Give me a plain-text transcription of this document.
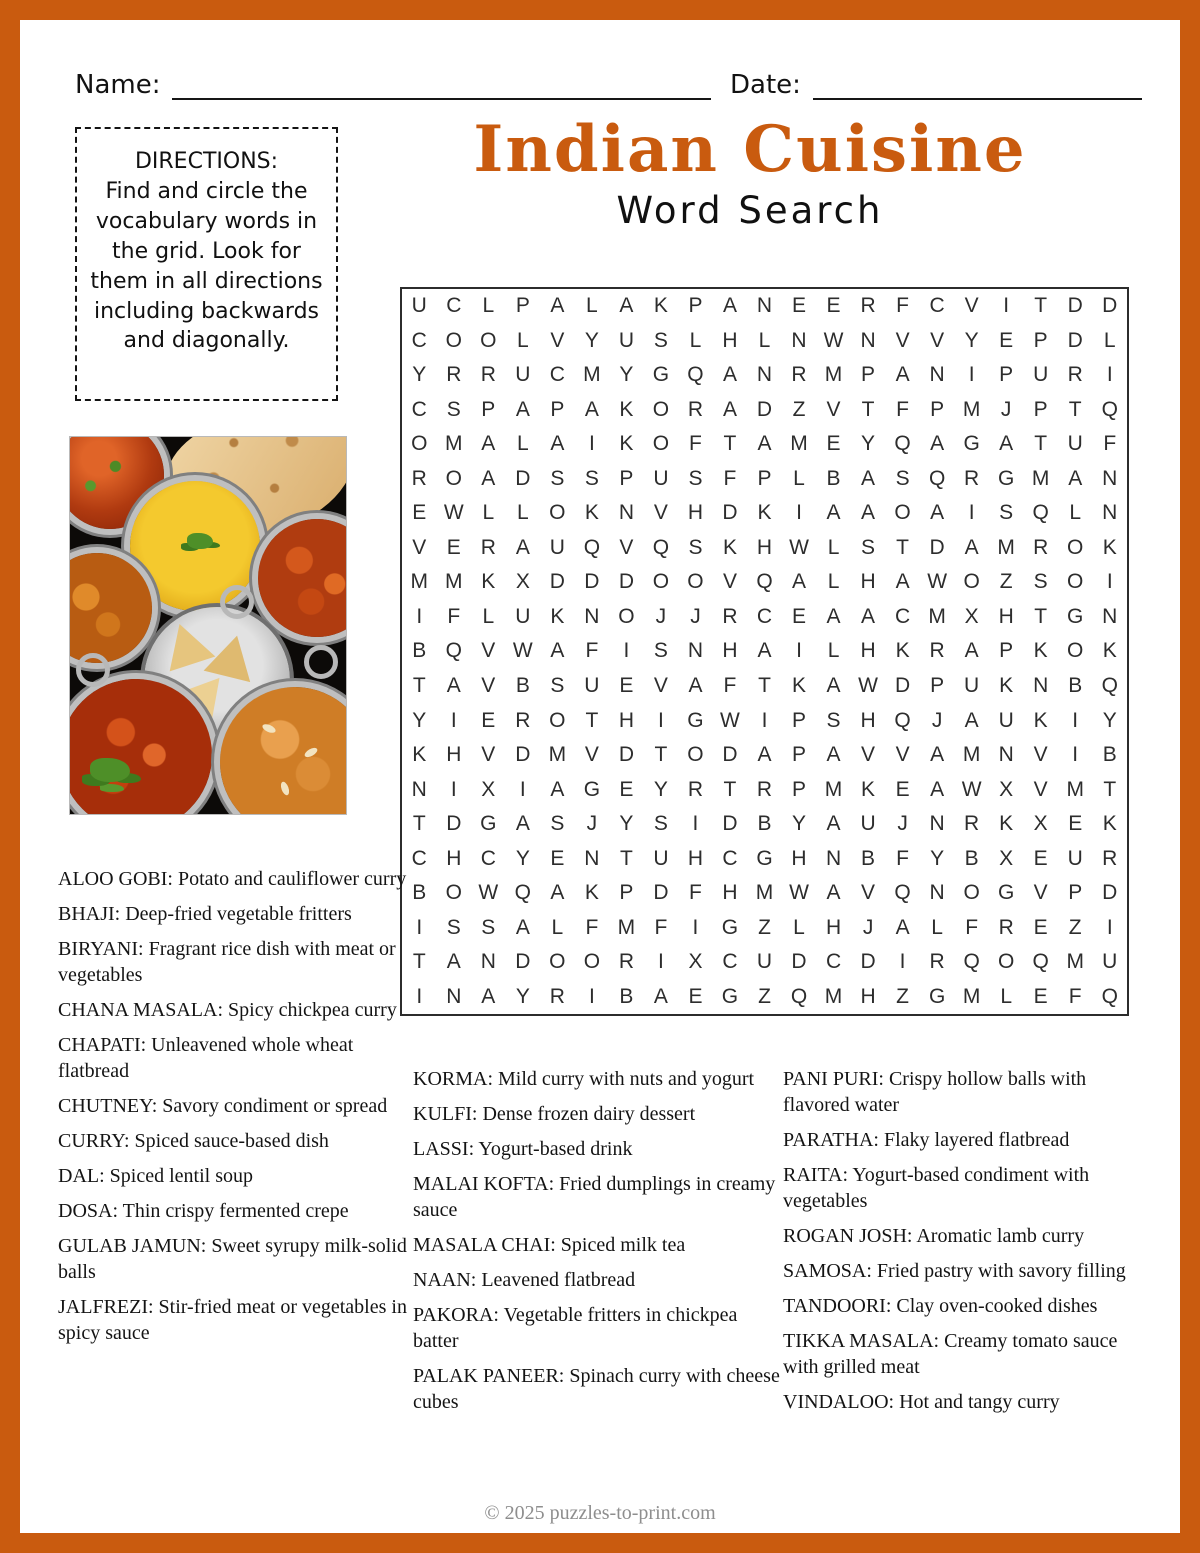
Name:	Date:
DIRECTIONS:
Find and circle the vocabulary words in the grid. Look for them in all directions including backwards and diagonally.
Indian Cuisine
Word Search
U C	L	P A	L	A K P A N E E R F C V	I	T D D
C O O L	V Y U S	L	H	L	N W N V V Y E P D	L
Y R R U C M Y G Q A N R M P A N	I	P U R	I
C S P A P A K O R A D Z	V	T	F	P M J	P	T Q
O M A	L	A	I	K O F	T	A M E Y Q A G A	T U F
R O A D S S P U S	F	P	L	B A S Q R G M A N
E W L	L O K N V H D K	I	A A O A	I	S Q L	N
V E R A U Q V Q S K H W L	S	T D A M R O K
M M K X D D D O O V Q A	L	H A W O Z	S O	I
I	F	L	U K N O	J	J	R C E A A C M X H T G N
B Q V W A	F	I	S N H A	I	L	H K R A P K O K
T	A V B S U E V A	F	T	K A W D P U K N B Q
Y	I	E R O T H	I	G W	I	P S H Q	J	A U K	I	Y
K H V D M V D T O D A P A V V A M N V	I	B
N	I	X	I	A G E Y R T R P M K E A W X V M T
T D G A S	J	Y S	I	D B Y A U	J	N R K X E K
C H C Y E N T U H C G H N B	F	Y B X E U R
B O W Q A K P D F H M W A V Q N O G V P D
I	S S A	L	F M F	I	G Z	L	H	J	A	L	F R E	Z	I
T	A N D O O R	I	X C U D C D	I	R Q O Q M U
I	N A Y R	I	B A E G Z Q M H Z G M L	E	F Q

ALOO GOBI: Potato and cauliflower curry

BHAJI: Deep-fried vegetable fritters

BIRYANI: Fragrant rice dish with meat or vegetables

CHANA MASALA: Spicy chickpea curry

CHAPATI: Unleavened whole wheat flatbread

CHUTNEY: Savory condiment or spread

CURRY: Spiced sauce-based dish

DAL: Spiced lentil soup

DOSA: Thin crispy fermented crepe

GULAB JAMUN: Sweet syrupy milk-solid balls

JALFREZI: Stir-fried meat or vegetables in spicy sauce

KORMA: Mild curry with nuts and yogurt

KULFI: Dense frozen dairy dessert

LASSI: Yogurt-based drink

MALAI KOFTA: Fried dumplings in creamy sauce

MASALA CHAI: Spiced milk tea

NAAN: Leavened flatbread

PAKORA: Vegetable fritters in chickpea batter

PALAK PANEER: Spinach curry with cheese cubes

PANI PURI: Crispy hollow balls with flavored water

PARATHA: Flaky layered flatbread

RAITA: Yogurt-based condiment with vegetables

ROGAN JOSH: Aromatic lamb curry

SAMOSA: Fried pastry with savory filling

TANDOORI: Clay oven-cooked dishes

TIKKA MASALA: Creamy tomato sauce with grilled meat

VINDALOO: Hot and tangy curry

© 2025 puzzles-to-print.com
